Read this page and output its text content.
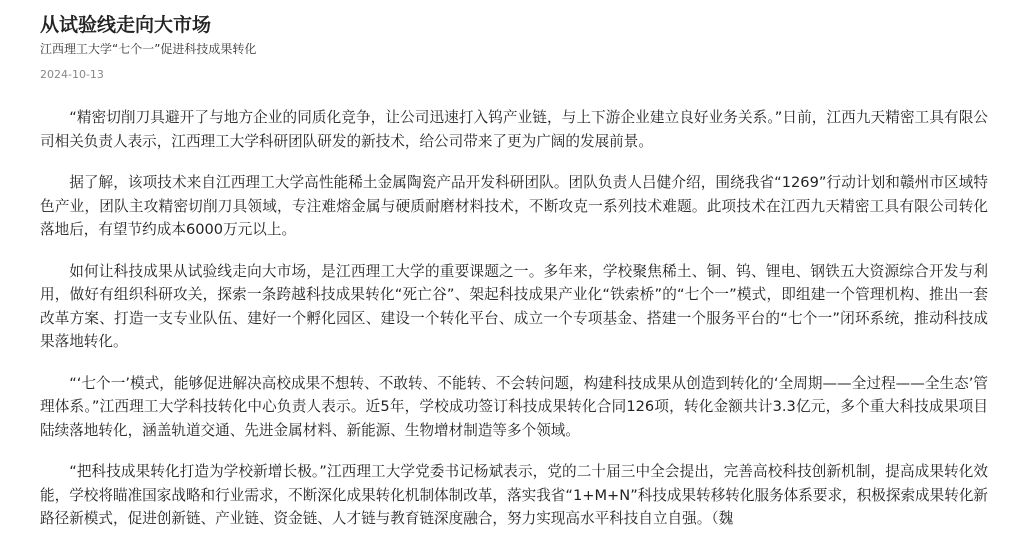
从试验线走向大市场
江西理工大学“七个一”促进科技成果转化
2024-10-13

“精密切削刀具避开了与地方企业的同质化竞争，让公司迅速打入钨产业链，与上下游企业建立良好业务关系。”日前，江西九天精密工具有限公司相关负责人表示，江西理工大学科研团队研发的新技术，给公司带来了更为广阔的发展前景。

据了解，该项技术来自江西理工大学高性能稀土金属陶瓷产品开发科研团队。团队负责人吕健介绍，围绕我省“1269”行动计划和赣州市区域特色产业，团队主攻精密切削刀具领域，专注难熔金属与硬质耐磨材料技术，不断攻克一系列技术难题。此项技术在江西九天精密工具有限公司转化落地后，有望节约成本6000万元以上。

如何让科技成果从试验线走向大市场，是江西理工大学的重要课题之一。多年来，学校聚焦稀土、铜、钨、锂电、钢铁五大资源综合开发与利用，做好有组织科研攻关，探索一条跨越科技成果转化“死亡谷”、架起科技成果产业化“铁索桥”的“七个一”模式，即组建一个管理机构、推出一套改革方案、打造一支专业队伍、建好一个孵化园区、建设一个转化平台、成立一个专项基金、搭建一个服务平台的“七个一”闭环系统，推动科技成果落地转化。

“‘七个一’模式，能够促进解决高校成果不想转、不敢转、不能转、不会转问题，构建科技成果从创造到转化的‘全周期——全过程——全生态’管理体系。”江西理工大学科技转化中心负责人表示。近5年，学校成功签订科技成果转化合同126项，转化金额共计3.3亿元，多个重大科技成果项目陆续落地转化，涵盖轨道交通、先进金属材料、新能源、生物增材制造等多个领域。

“把科技成果转化打造为学校新增长极。”江西理工大学党委书记杨斌表示，党的二十届三中全会提出，完善高校科技创新机制，提高成果转化效能，学校将瞄准国家战略和行业需求，不断深化成果转化机制体制改革，落实我省“1+M+N”科技成果转移转化服务体系要求，积极探索成果转化新路径新模式，促进创新链、产业链、资金链、人才链与教育链深度融合，努力实现高水平科技自立自强。（魏
